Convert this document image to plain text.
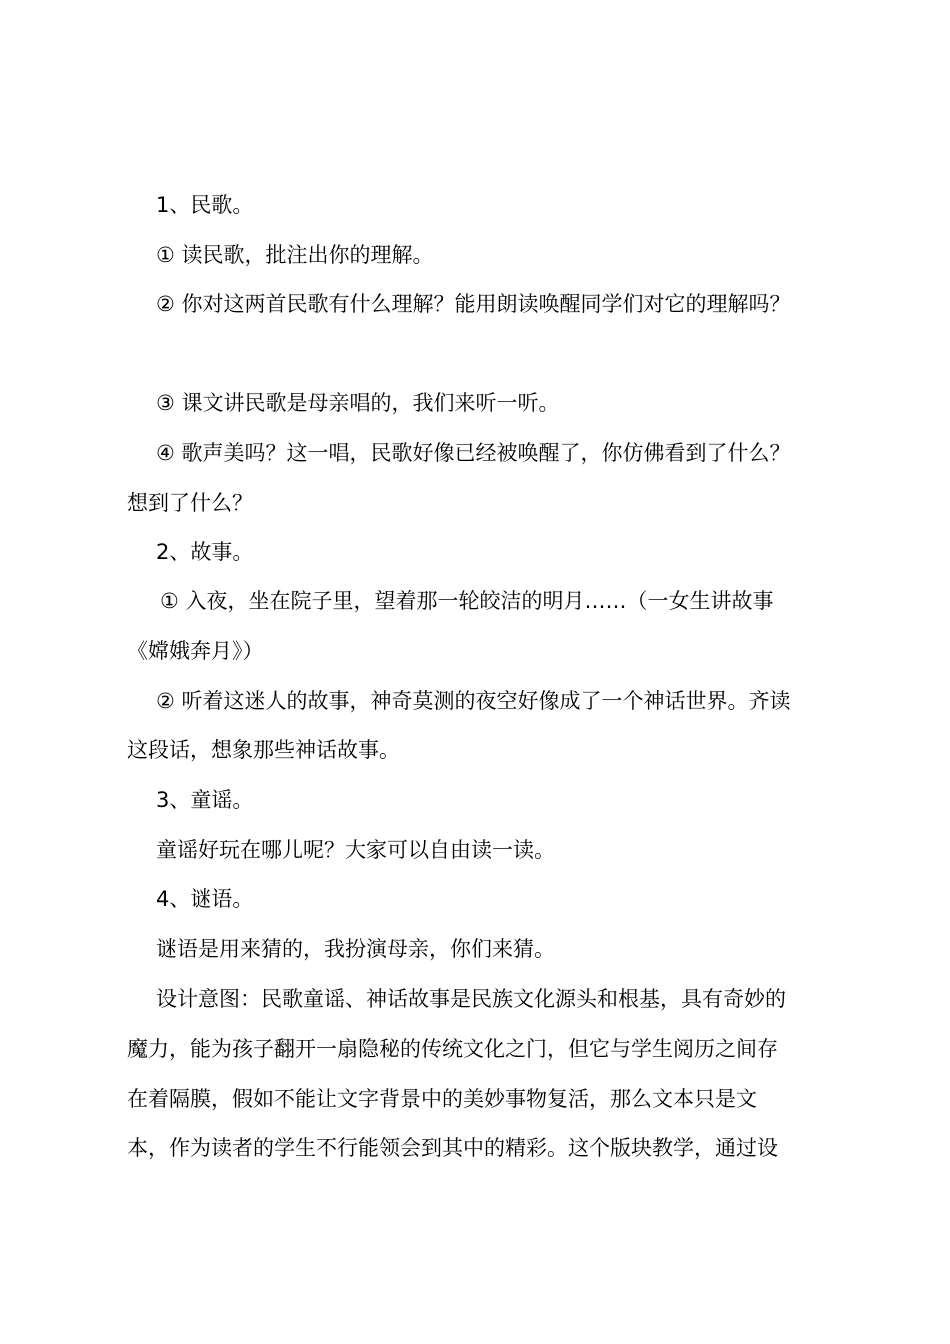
1、民歌。

① 读民歌，批注出你的理解。

② 你对这两首民歌有什么理解？能用朗读唤醒同学们对它的理解吗？

③ 课文讲民歌是母亲唱的，我们来听一听。

④ 歌声美吗？这一唱，民歌好像已经被唤醒了，你仿佛看到了什么？

想到了什么？

2、故事。

① 入夜，坐在院子里，望着那一轮皎洁的明月……（一女生讲故事

《嫦娥奔月》）

② 听着这迷人的故事，神奇莫测的夜空好像成了一个神话世界。齐读

这段话，想象那些神话故事。

3、童谣。

童谣好玩在哪儿呢？大家可以自由读一读。

4、谜语。

谜语是用来猜的，我扮演母亲，你们来猜。

设计意图：民歌童谣、神话故事是民族文化源头和根基，具有奇妙的

魔力，能为孩子翻开一扇隐秘的传统文化之门，但它与学生阅历之间存

在着隔膜，假如不能让文字背景中的美妙事物复活，那么文本只是文

本，作为读者的学生不行能领会到其中的精彩。这个版块教学，通过设
